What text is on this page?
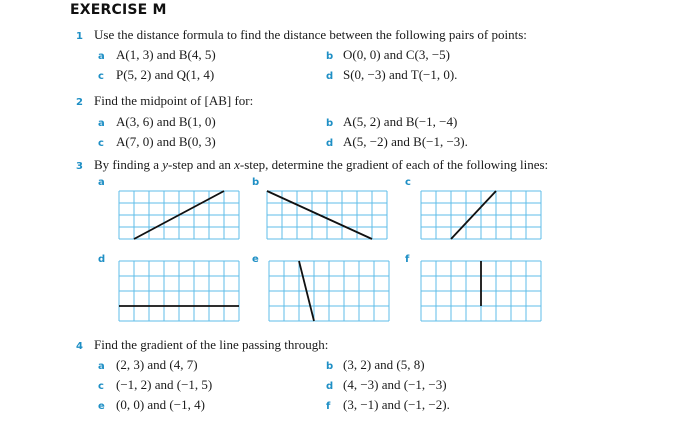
EXERCISE M
1 Use the distance formula to find the distance between the following pairs of points:
a A(1, 3) and B(4, 5)	b O(0, 0) and C(3, −5)
c P(5, 2) and Q(1, 4)	d S(0, −3) and T(−1, 0).
2 Find the midpoint of [AB] for:
a A(3, 6) and B(1, 0)	b A(5, 2) and B(−1, −4)
c A(7, 0) and B(0, 3)	d A(5, −2) and B(−1, −3).
3 By finding a y-step and an x-step, determine the gradient of each of the following lines:
a	b	c
d	e	f
4 Find the gradient of the line passing through:
a (2, 3) and (4, 7)	b (3, 2) and (5, 8)
c (−1, 2) and (−1, 5)	d (4, −3) and (−1, −3)
e (0, 0) and (−1, 4)	f (3, −1) and (−1, −2).
